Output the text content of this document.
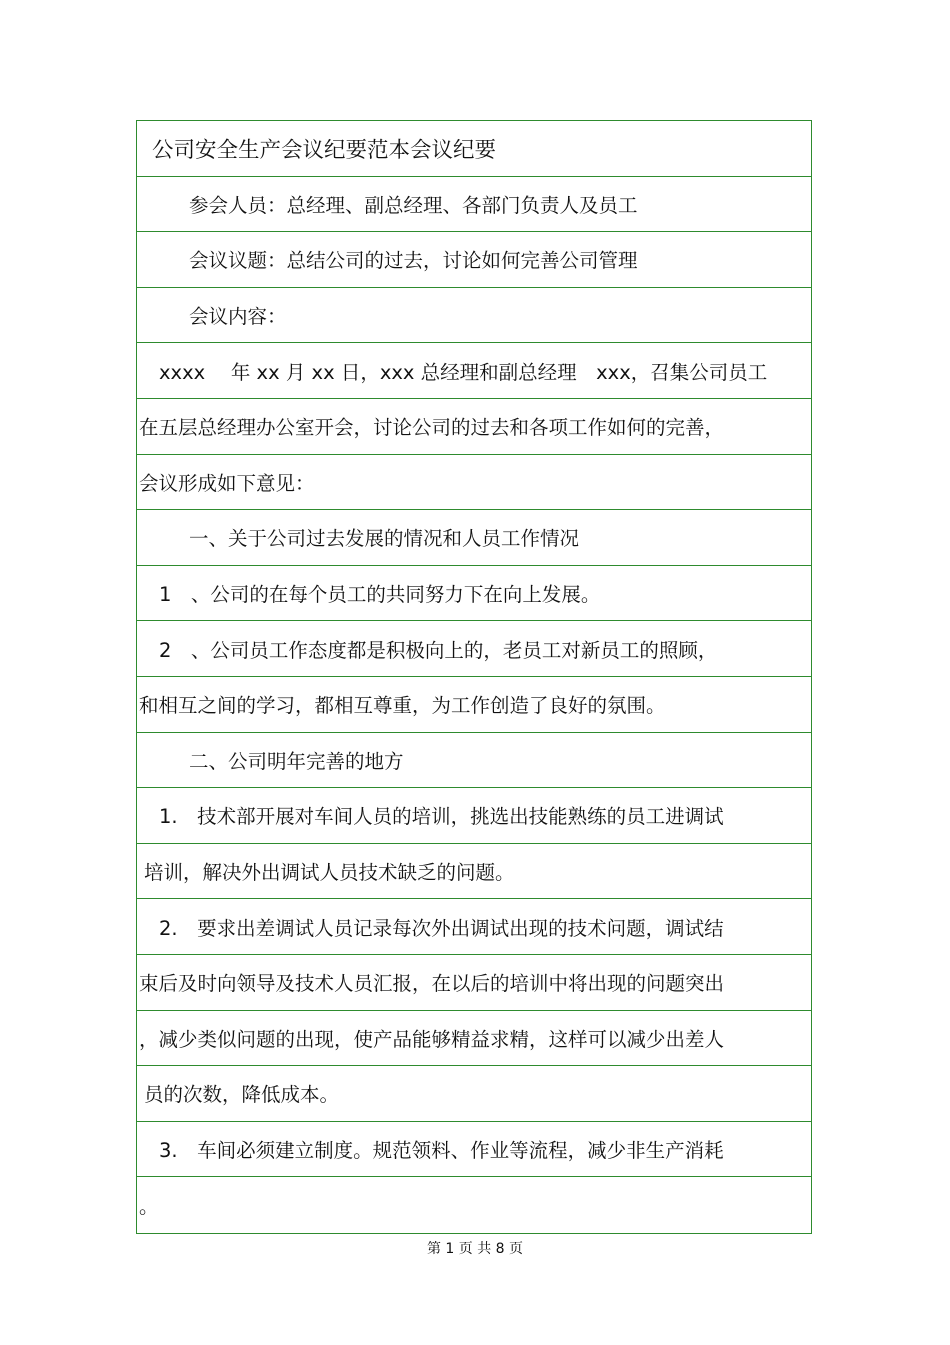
公司安全生产会议纪要范本会议纪要
参会人员：总经理、副总经理、各部门负责人及员工
会议议题：总结公司的过去，讨论如何完善公司管理
会议内容：
xxxx　 年 xx 月 xx 日，xxx 总经理和副总经理　xxx，召集公司员工
在五层总经理办公室开会，讨论公司的过去和各项工作如何的完善，
会议形成如下意见：
一、关于公司过去发展的情况和人员工作情况
1　、公司的在每个员工的共同努力下在向上发展。
2　、公司员工作态度都是积极向上的，老员工对新员工的照顾，
和相互之间的学习，都相互尊重，为工作创造了良好的氛围。
二、公司明年完善的地方
1.　技术部开展对车间人员的培训，挑选出技能熟练的员工进调试
培训，解决外出调试人员技术缺乏的问题。
2.　要求出差调试人员记录每次外出调试出现的技术问题，调试结
束后及时向领导及技术人员汇报，在以后的培训中将出现的问题突出
，减少类似问题的出现，使产品能够精益求精，这样可以减少出差人
员的次数，降低成本。
3.　车间必须建立制度。规范领料、作业等流程，减少非生产消耗
。
第 1 页 共 8 页
